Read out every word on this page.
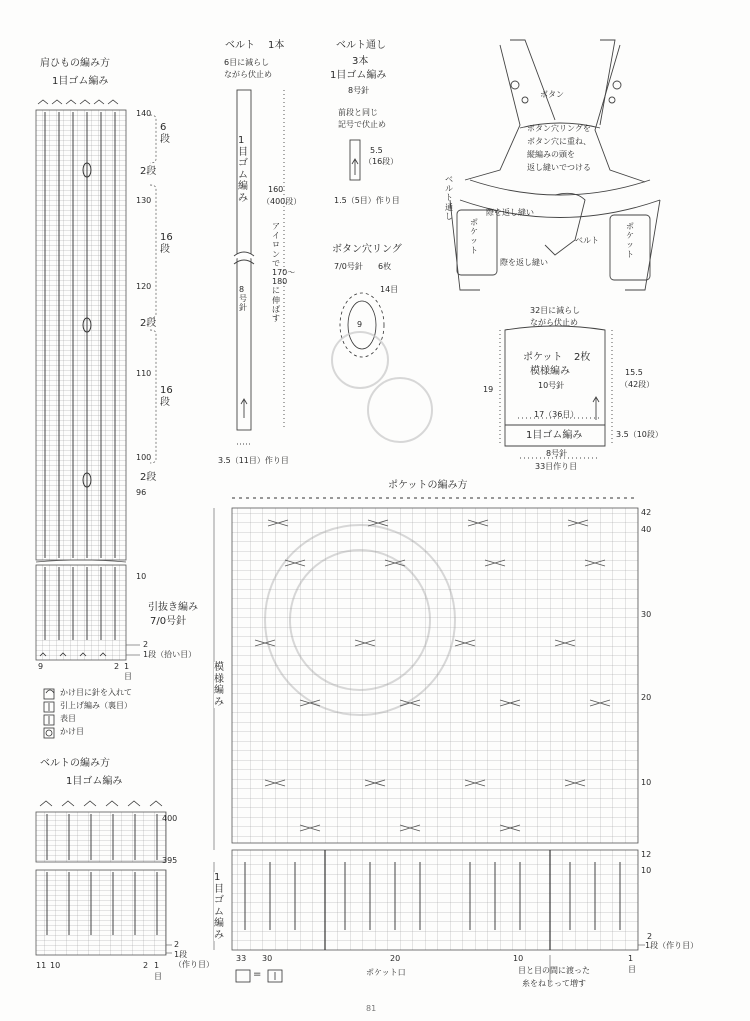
肩ひもの編み方
1目ゴム編み
140
130
120
110
100
96
10
6段
2段
16段
2段
16段
2段
引抜き編み
7/0号針
2
1段（拾い目）
9	2 1
目
かけ目に針を入れて
引上げ編み（裏目）
表目
かけ目
ベルトの編み方
1目ゴム編み
400
395
2
1段
（作り目）
11 10	2 1
目
ベルト 1本
6目に減らし
ながら伏止め
1目ゴム編み
8号針
160
（400段）
アイロンで170〜180に伸ばす
3.5（11目）作り目
ベルト通し
3本
1目ゴム編み
8号針
前段と同じ
記号で伏止め
5.5
（16段）
1.5（5目）作り目
ボタン穴リング
7/0号針 6枚
14目
9
ボタン
ボタン穴リングを
ボタン穴に重ね、
縦編みの頭を
返し縫いでつける
ベルト通し
ベルト
ポケット
ポケット
際を返し縫い
際を返し縫い
32目に減らし
ながら伏止め
ポケット 2枚
模様編み
10号針
17（36目）
1目ゴム編み
8号針
33目作り目
19
15.5
（42段）
3.5（10段）
ポケットの編み方
模様編み
1目ゴム編み
42
40
30
20
10
12
10
2
1段（作り目）
33 30	20	10	1
目
ポケット口	目と目の間に渡った
糸をねじって増す
=
81
